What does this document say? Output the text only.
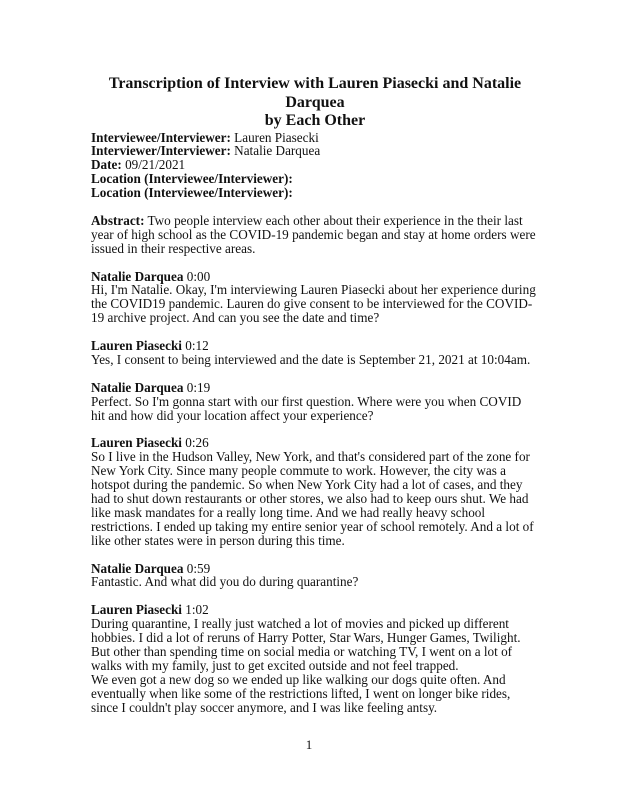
Transcription of Interview with Lauren Piasecki and Natalie Darquea
by Each Other

Interviewee/Interviewer: Lauren Piasecki

Interviewer/Interviewer: Natalie Darquea

Date: 09/21/2021

Location (Interviewee/Interviewer):

Location (Interviewee/Interviewer):

Abstract: Two people interview each other about their experience in the their last year of high school as the COVID-19 pandemic began and stay at home orders were issued in their respective areas.

Natalie Darquea 0:00

Hi, I'm Natalie. Okay, I'm interviewing Lauren Piasecki about her experience during the COVID19 pandemic. Lauren do give consent to be interviewed for the COVID-19 archive project. And can you see the date and time?

Lauren Piasecki 0:12

Yes, I consent to being interviewed and the date is September 21, 2021 at 10:04am.

Natalie Darquea 0:19

Perfect. So I'm gonna start with our first question. Where were you when COVID hit and how did your location affect your experience?

Lauren Piasecki 0:26

So I live in the Hudson Valley, New York, and that's considered part of the zone for New York City. Since many people commute to work. However, the city was a hotspot during the pandemic. So when New York City had a lot of cases, and they had to shut down restaurants or other stores, we also had to keep ours shut. We had like mask mandates for a really long time. And we had really heavy school restrictions. I ended up taking my entire senior year of school remotely. And a lot of like other states were in person during this time.

Natalie Darquea 0:59

Fantastic. And what did you do during quarantine?

Lauren Piasecki 1:02

During quarantine, I really just watched a lot of movies and picked up different hobbies. I did a lot of reruns of Harry Potter, Star Wars, Hunger Games, Twilight.
But other than spending time on social media or watching TV, I went on a lot of walks with my family, just to get excited outside and not feel trapped.
We even got a new dog so we ended up like walking our dogs quite often. And eventually when like some of the restrictions lifted, I went on longer bike rides,
since I couldn't play soccer anymore, and I was like feeling antsy.

1
